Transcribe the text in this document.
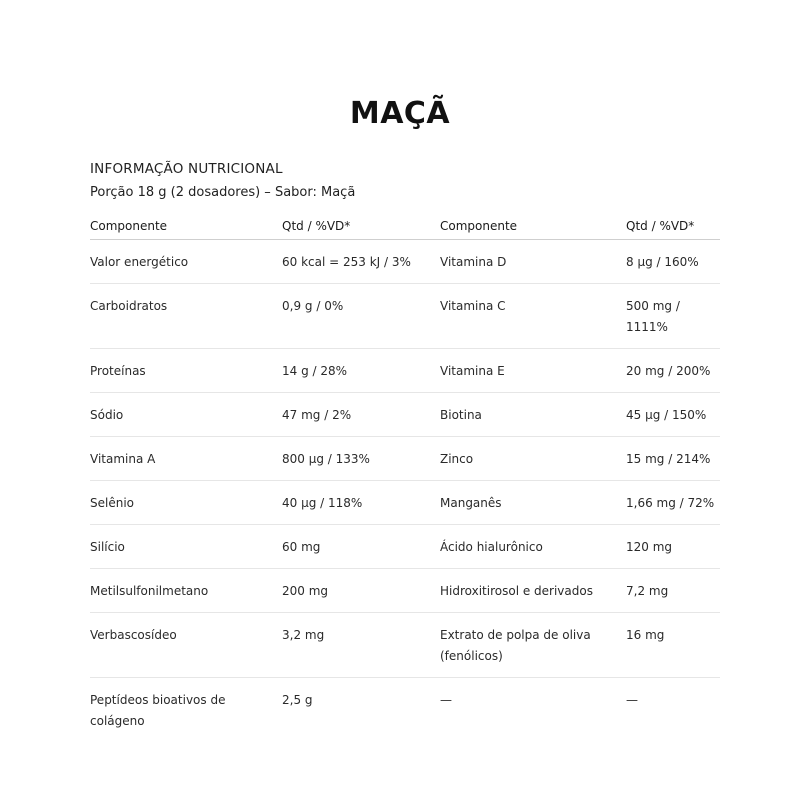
MAÇÃ
INFORMAÇÃO NUTRICIONAL
Porção 18 g (2 dosadores) – Sabor: Maçã
Componente	Qtd / %VD*	Componente	Qtd / %VD*
Valor energético	60 kcal = 253 kJ / 3%	Vitamina D	8 μg / 160%
Carboidratos	0,9 g / 0%	Vitamina C	500 mg / 1111%
Proteínas	14 g / 28%	Vitamina E	20 mg / 200%
Sódio	47 mg / 2%	Biotina	45 μg / 150%
Vitamina A	800 μg / 133%	Zinco	15 mg / 214%
Selênio	40 μg / 118%	Manganês	1,66 mg / 72%
Silício	60 mg	Ácido hialurônico	120 mg
Metilsulfonilmetano	200 mg	Hidroxitirosol e derivados	7,2 mg
Verbascosídeo	3,2 mg	Extrato de polpa de oliva (fenólicos)	16 mg
Peptídeos bioativos de colágeno	2,5 g	—	—
